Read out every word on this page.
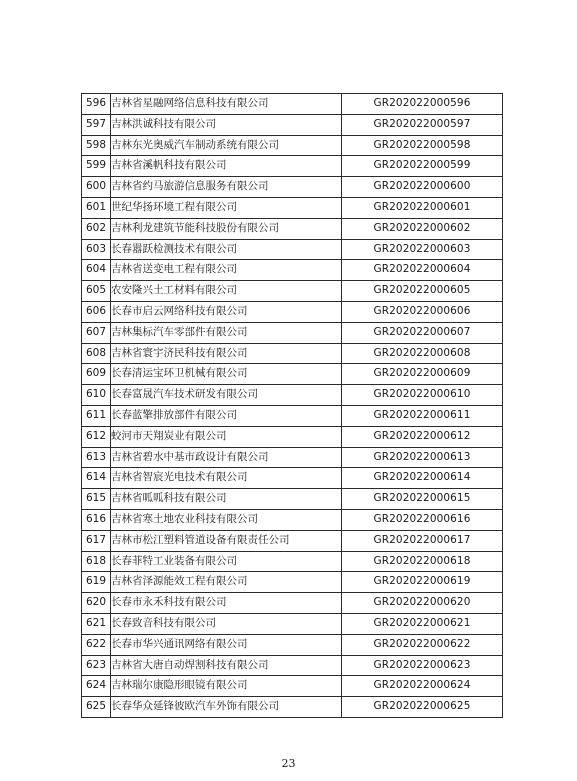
596	吉林省星融网络信息科技有限公司	GR202022000596
597	吉林洪诚科技有限公司	GR202022000597
598	吉林东光奥威汽车制动系统有限公司	GR202022000598
599	吉林省溪帆科技有限公司	GR202022000599
600	吉林省约马旅游信息服务有限公司	GR202022000600
601	世纪华扬环境工程有限公司	GR202022000601
602	吉林利龙建筑节能科技股份有限公司	GR202022000602
603	长春嚣跃检测技术有限公司	GR202022000603
604	吉林省送变电工程有限公司	GR202022000604
605	农安隆兴土工材料有限公司	GR202022000605
606	长春市启云网络科技有限公司	GR202022000606
607	吉林集标汽车零部件有限公司	GR202022000607
608	吉林省寰宇济民科技有限公司	GR202022000608
609	长春清运宝环卫机械有限公司	GR202022000609
610	长春富晟汽车技术研发有限公司	GR202022000610
611	长春蓝擎排放部件有限公司	GR202022000611
612	蛟河市天翔炭业有限公司	GR202022000612
613	吉林省碧水中基市政设计有限公司	GR202022000613
614	吉林省智宸光电技术有限公司	GR202022000614
615	吉林省呱呱科技有限公司	GR202022000615
616	吉林省寒土地农业科技有限公司	GR202022000616
617	吉林市松江塑料管道设备有限责任公司	GR202022000617
618	长春菲特工业装备有限公司	GR202022000618
619	吉林省泽源能效工程有限公司	GR202022000619
620	长春市永禾科技有限公司	GR202022000620
621	长春致音科技有限公司	GR202022000621
622	长春市华兴通讯网络有限公司	GR202022000622
623	吉林省大唐自动焊割科技有限公司	GR202022000623
624	吉林瑞尔康隐形眼镜有限公司	GR202022000624
625	长春华众延锋彼欧汽车外饰有限公司	GR202022000625
23
